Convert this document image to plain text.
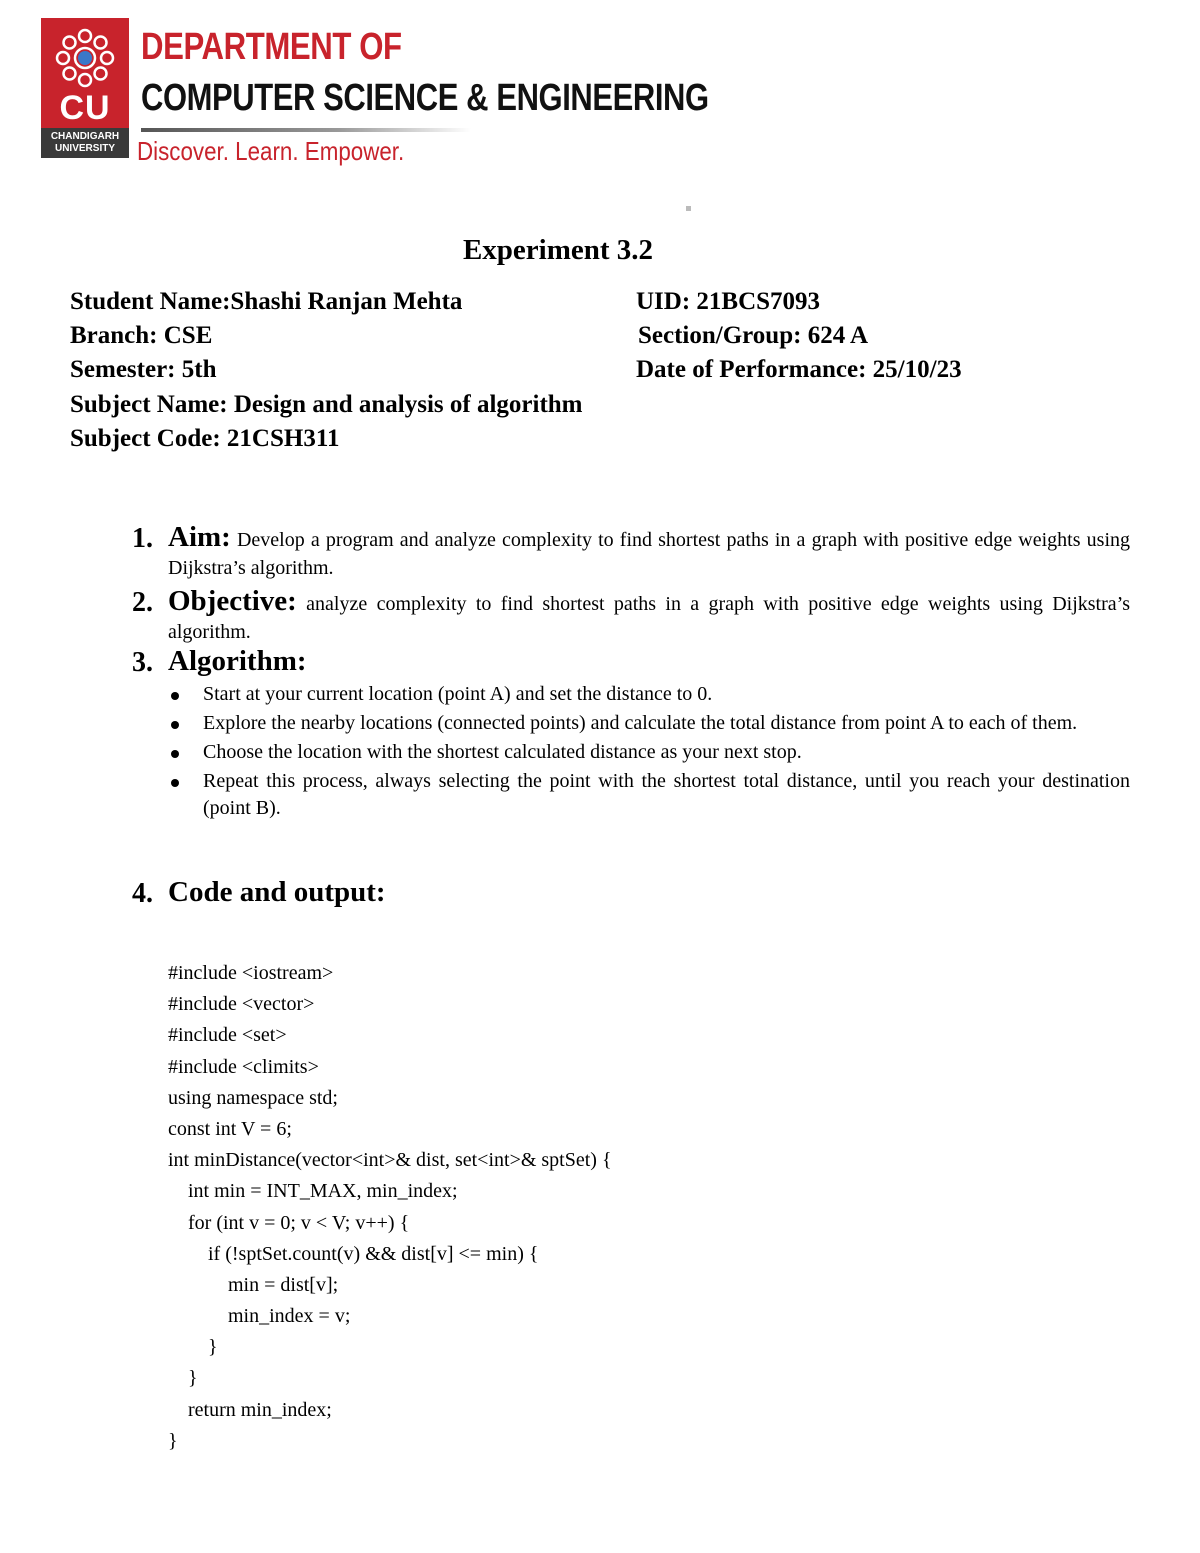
CU
CHANDIGARH UNIVERSITY
DEPARTMENT OF
COMPUTER SCIENCE & ENGINEERING
Discover. Learn. Empower.
Experiment 3.2
Student Name:Shashi Ranjan Mehta	UID: 21BCS7093
Branch: CSE	Section/Group: 624 A
Semester: 5th	Date of Performance: 25/10/23
Subject Name: Design and analysis of algorithm
Subject Code: 21CSH311
1. Aim: Develop a program and analyze complexity to find shortest paths in a graph with positive edge weights using Dijkstra’s algorithm.
2. Objective: analyze complexity to find shortest paths in a graph with positive edge weights using Dijkstra’s algorithm.
3. Algorithm:
Start at your current location (point A) and set the distance to 0.
Explore the nearby locations (connected points) and calculate the total distance from point A to each of them.
Choose the location with the shortest calculated distance as your next stop.
Repeat this process, always selecting the point with the shortest total distance, until you reach your destination (point B).
4. Code and output:
#include <iostream>
#include <vector>
#include <set>
#include <climits>
using namespace std;
const int V = 6;
int minDistance(vector<int>& dist, set<int>& sptSet) {
int min = INT_MAX, min_index;
for (int v = 0; v < V; v++) {
if (!sptSet.count(v) && dist[v] <= min) {
min = dist[v];
min_index = v;
}
}
return min_index;
}
